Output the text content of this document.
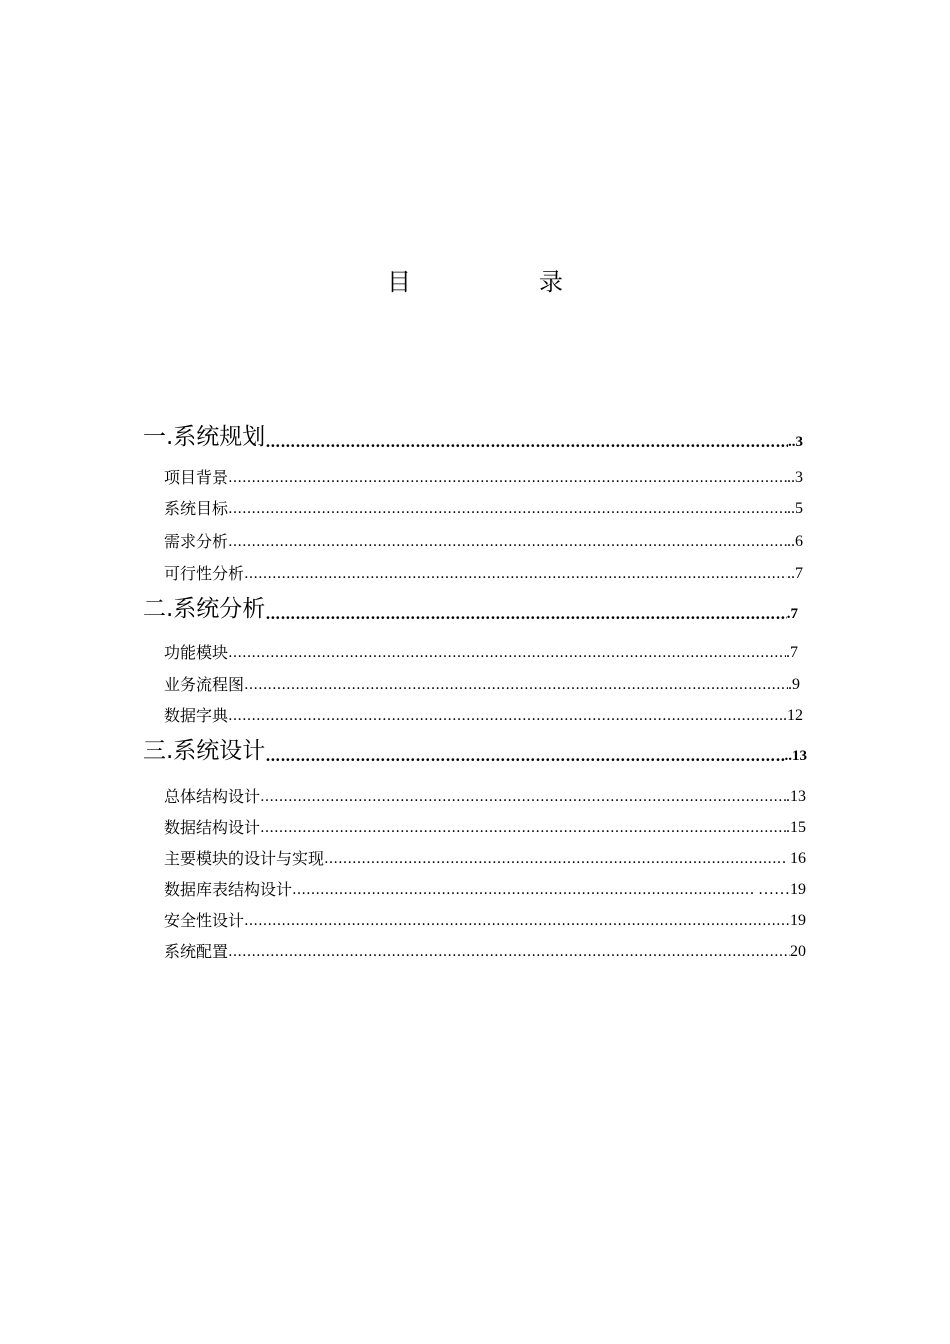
目　录
一.系统规划 …………………………………………………………………………………………………………………………………………………………………………………	..3
项目背景 …………………………………………………………………………………………………………………………………………………………………………………	..3
系统目标 …………………………………………………………………………………………………………………………………………………………………………………	..5
需求分析 …………………………………………………………………………………………………………………………………………………………………………………	..6
可行性分析 …………………………………………………………………………………………………………………………………………………………………………………	..7
二.系统分析 …………………………………………………………………………………………………………………………………………………………………………………	.7
功能模块 …………………………………………………………………………………………………………………………………………………………………………………	.7
业务流程图 …………………………………………………………………………………………………………………………………………………………………………………	.9
数据字典 …………………………………………………………………………………………………………………………………………………………………………………	.12
三.系统设计 …………………………………………………………………………………………………………………………………………………………………………………	..13
总体结构设计 …………………………………………………………………………………………………………………………………………………………………………………	.13
数据结构设计 …………………………………………………………………………………………………………………………………………………………………………………	.15
主要模块的设计与实现 …………………………………………………………………………………………………………………………………………………………………………………	. 16
数据库表结构设计 …………………………………………………………………………………………………………………………………………………………………………………	. ……19
安全性设计 …………………………………………………………………………………………………………………………………………………………………………………	19
系统配置 …………………………………………………………………………………………………………………………………………………………………………………	20
